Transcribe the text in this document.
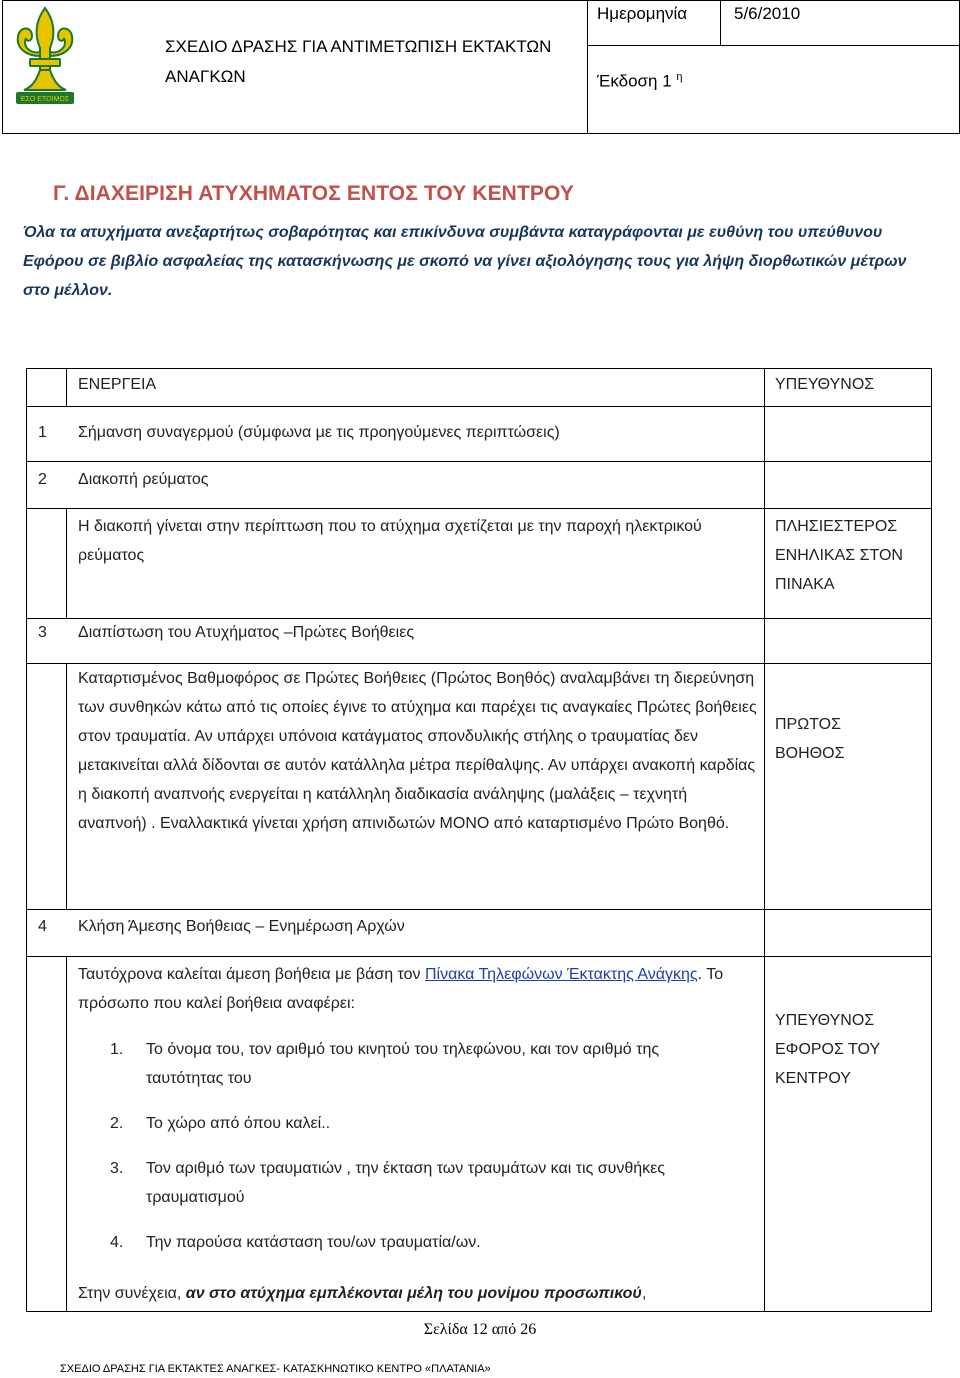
ΕΣΟ ΕΤΟΙΜΟΣ
ΣΧΕΔΙΟ ΔΡΑΣΗΣ ΓΙΑ ΑΝΤΙΜΕΤΩΠΙΣΗ ΕΚΤΑΚΤΩΝ ΑΝΑΓΚΩΝ
Ημερομηνία	5/6/2010
Έκδοση 1 $^\eta$
Γ. ΔΙΑΧΕΙΡΙΣΗ ΑΤΥΧΗΜΑΤΟΣ ΕΝΤΟΣ ΤΟΥ ΚΕΝΤΡΟΥ
Όλα τα ατυχήματα ανεξαρτήτως σοβαρότητας και επικίνδυνα συμβάντα καταγράφονται με ευθύνη του υπεύθυνου Εφόρου σε βιβλίο ασφαλείας της κατασκήνωσης με σκοπό να γίνει αξιολόγησης τους για λήψη διορθωτικών μέτρων στο μέλλον.
ΕΝΕΡΓΕΙΑ	ΥΠΕΥΘΥΝΟΣ
1 Σήμανση συναγερμού (σύμφωνα με τις προηγούμενες περιπτώσεις)
2 Διακοπή ρεύματος
Η διακοπή γίνεται στην περίπτωση που το ατύχημα σχετίζεται με την παροχή ηλεκτρικού ρεύματος
ΠΛΗΣΙΕΣΤΕΡΟΣ ΕΝΗΛΙΚΑΣ ΣΤΟΝ ΠΙΝΑΚΑ
3 Διαπίστωση του Ατυχήματος –Πρώτες Βοήθειες
Καταρτισμένος Βαθμοφόρος σε Πρώτες Βοήθειες (Πρώτος Βοηθός) αναλαμβάνει τη διερεύνηση των συνθηκών κάτω από τις οποίες έγινε το ατύχημα και παρέχει τις αναγκαίες Πρώτες βοήθειες στον τραυματία. Αν υπάρχει υπόνοια κατάγματος σπονδυλικής στήλης ο τραυματίας δεν μετακινείται αλλά δίδονται σε αυτόν κατάλληλα μέτρα περίθαλψης. Αν υπάρχει ανακοπή καρδίας η διακοπή αναπνοής ενεργείται η κατάλληλη διαδικασία ανάληψης (μαλάξεις – τεχνητή αναπνοή) . Εναλλακτικά γίνεται χρήση απινιδωτών ΜΟΝΟ από καταρτισμένο Πρώτο Βοηθό.
ΠΡΩΤΟΣ ΒΟΗΘΟΣ
4 Κλήση Άμεσης Βοήθειας – Ενημέρωση Αρχών
Ταυτόχρονα καλείται άμεση βοήθεια με βάση τον Πίνακα Τηλεφώνων Έκτακτης Ανάγκης. Το πρόσωπο που καλεί βοήθεια αναφέρει:
1. Το όνομα του, τον αριθμό του κινητού του τηλεφώνου, και τον αριθμό της ταυτότητας του
2. Το χώρο από όπου καλεί..
3. Τον αριθμό των τραυματιών , την έκταση των τραυμάτων και τις συνθήκες τραυματισμού
4. Την παρούσα κατάσταση του/ων τραυματία/ων.
Στην συνέχεια, αν στο ατύχημα εμπλέκονται μέλη του μονίμου προσωπικού,
ΥΠΕΥΘΥΝΟΣ ΕΦΟΡΟΣ ΤΟΥ ΚΕΝΤΡΟΥ
Σελίδα 12 από 26
ΣΧΕΔΙΟ ΔΡΑΣΗΣ ΓΙΑ ΕΚΤΑΚΤΕΣ ΑΝΑΓΚΕΣ- ΚΑΤΑΣΚΗΝΩΤΙΚΟ ΚΕΝΤΡΟ «ΠΛΑΤΑΝΙΑ»
